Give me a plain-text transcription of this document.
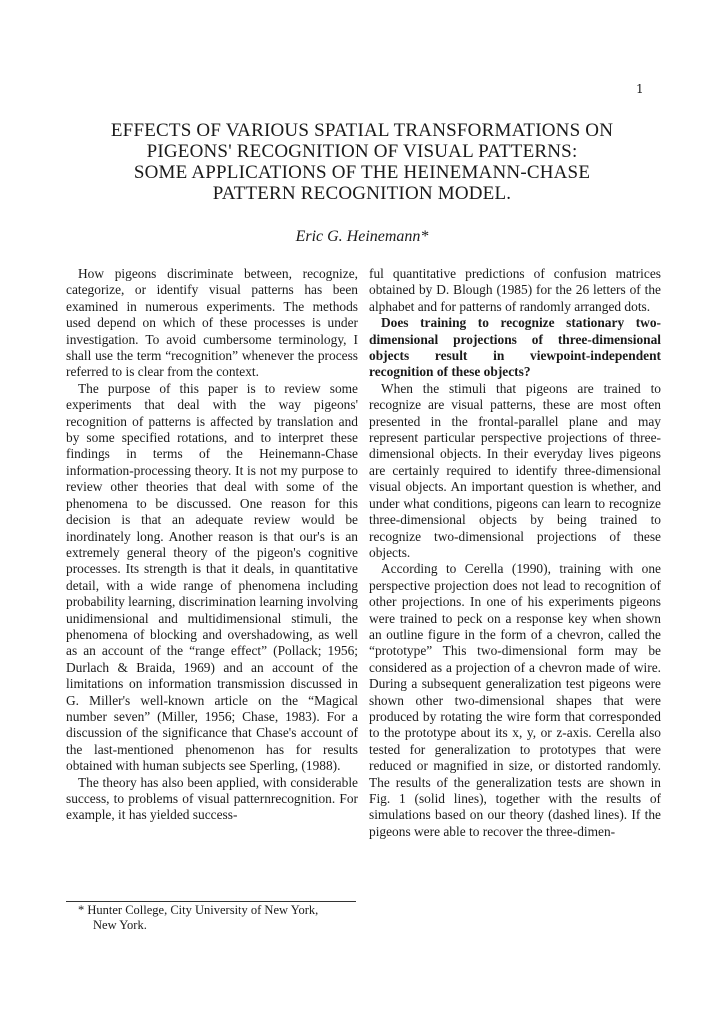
1
EFFECTS OF VARIOUS SPATIAL TRANSFORMATIONS ON
PIGEONS' RECOGNITION OF VISUAL PATTERNS:
SOME APPLICATIONS OF THE HEINEMANN-CHASE
PATTERN RECOGNITION MODEL.
Eric G. Heinemann*

How pigeons discriminate between, recognize, categorize, or identify visual patterns has been examined in numerous experiments. The methods used depend on which of these processes is under investigation. To avoid cumbersome terminology, I shall use the term “recognition” whenever the process referred to is clear from the context.

The purpose of this paper is to review some experiments that deal with the way pigeons' recognition of patterns is affected by translation and by some specified rotations, and to interpret these findings in terms of the Heinemann-Chase information-processing theory. It is not my purpose to review other theories that deal with some of the phenomena to be discussed. One reason for this decision is that an adequate review would be inordinately long. Another reason is that our's is an extremely general theory of the pigeon's cognitive processes. Its strength is that it deals, in quantitative detail, with a wide range of phenomena including probability learning, discrimination learning involving unidimensional and multidimensional stimuli, the phenomena of blocking and overshadowing, as well as an account of the “range effect” (Pollack; 1956; Durlach & Braida, 1969) and an account of the limitations on information transmission discussed in G. Miller's well-known article on the “Magical number seven” (Miller, 1956; Chase, 1983). For a discussion of the significance that Chase's account of the last-mentioned phenomenon has for results obtained with human subjects see Sperling, (1988).

The theory has also been applied, with considerable success, to problems of visual patternrecognition. For example, it has yielded success-

ful quantitative predictions of confusion matrices obtained by D. Blough (1985) for the 26 letters of the alphabet and for patterns of randomly arranged dots.

Does training to recognize stationary two-dimensional projections of three-dimensional objects result in viewpoint-independent recognition of these objects?

When the stimuli that pigeons are trained to recognize are visual patterns, these are most often presented in the frontal-parallel plane and may represent particular perspective projections of three-dimensional objects. In their everyday lives pigeons are certainly required to identify three-dimensional visual objects. An important question is whether, and under what conditions, pigeons can learn to recognize three-dimensional objects by being trained to recognize two-dimensional projections of these objects.

According to Cerella (1990), training with one perspective projection does not lead to recognition of other projections. In one of his experiments pigeons were trained to peck on a response key when shown an outline figure in the form of a chevron, called the “prototype” This two-dimensional form may be considered as a projection of a chevron made of wire. During a subsequent generalization test pigeons were shown other two-dimensional shapes that were produced by rotating the wire form that corresponded to the prototype about its x, y, or z-axis. Cerella also tested for generalization to prototypes that were reduced or magnified in size, or distorted randomly. The results of the generalization tests are shown in Fig. 1 (solid lines), together with the results of simulations based on our theory (dashed lines). If the pigeons were able to recover the three-dimen-

* Hunter College, City University of New York,
New York.
